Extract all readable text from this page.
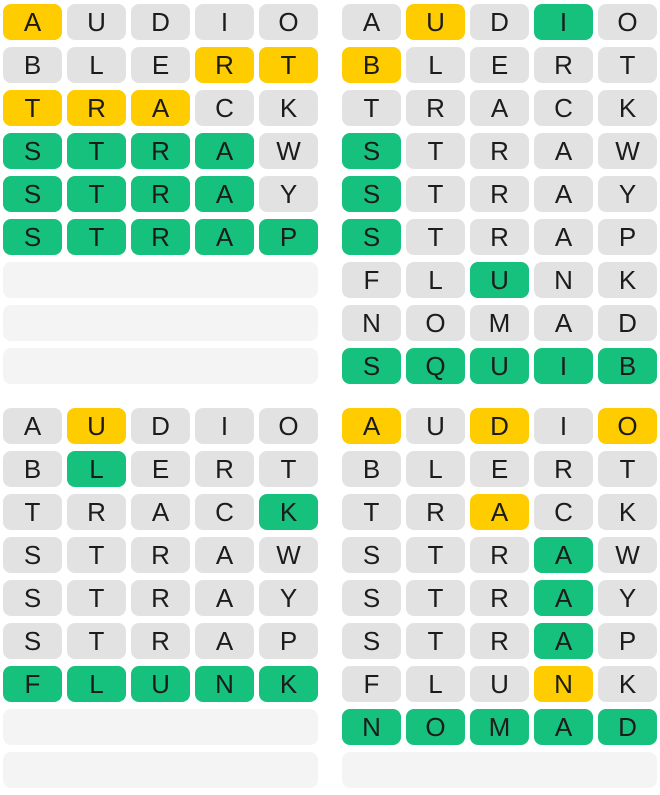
A	U	D	I	O
B	L	E	R	T
T	R	A	C	K
S	T	R	A	W
S	T	R	A	Y
S	T	R	A	P
A	U	D	I	O
B	L	E	R	T
T	R	A	C	K
S	T	R	A	W
S	T	R	A	Y
S	T	R	A	P
F	L	U	N	K
N	O	M	A	D
S	Q	U	I	B
A	U	D	I	O
B	L	E	R	T
T	R	A	C	K
S	T	R	A	W
S	T	R	A	Y
S	T	R	A	P
F	L	U	N	K
A	U	D	I	O
B	L	E	R	T
T	R	A	C	K
S	T	R	A	W
S	T	R	A	Y
S	T	R	A	P
F	L	U	N	K
N	O	M	A	D
